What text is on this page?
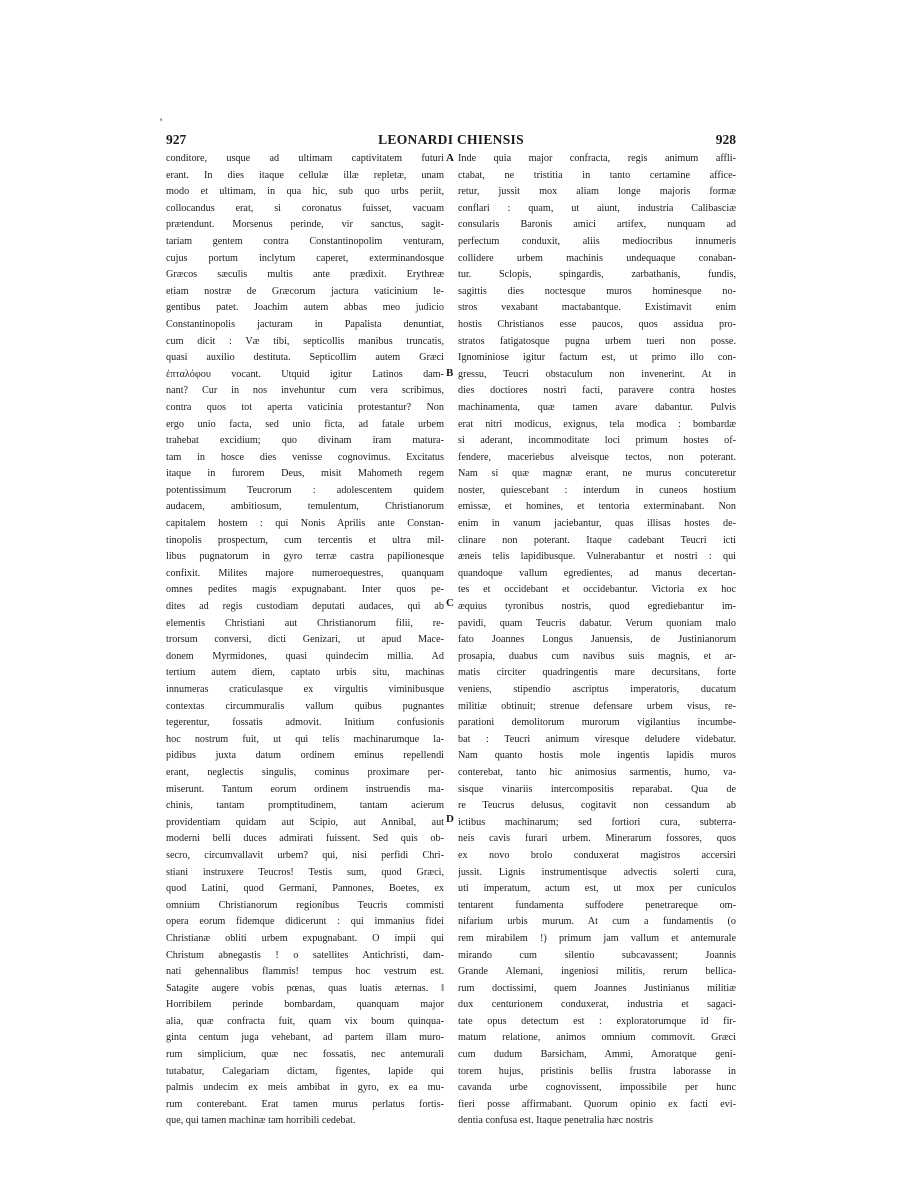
'
927	LEONARDI CHIENSIS	928
conditore, usque ad ultimam captivitatem futuri
erant. In dies itaque cellulæ illæ repletæ, unam
modo et ultimam, in qua hic, sub quo urbs periit,
collocandus erat, si coronatus fuisset, vacuam
prætendunt. Morsenus perinde, vir sanctus, sagit-
tariam gentem contra Constantinopolim venturam,
cujus portum inclytum caperet, exterminandosque
Græcos sæculis multis ante prædixit. Erythreæ
etiam nostræ de Græcorum jactura vaticinium le-
gentibus patet. Joachim autem abbas meo judicio
Constantinopolis jacturam in Papalista denuntiat,
cum dicit : Væ tibi, septicollis manibus truncatis,
quasi auxilio destituta. Septicollim autem Græci
ἑπταλόφου vocant. Utquid igitur Latinos dam-
nant? Cur in nos invehuntur cum vera scribimus,
contra quos tot aperta vaticinia protestantur? Non
ergo unio facta, sed unio ficta, ad fatale urbem
trahebat excidium; quo divinam iram matura-
tam in hosce dies venisse cognovimus. Excitatus
itaque in furorem Deus, misit Mahometh regem
potentissimum Teucrorum : adolescentem quidem
audacem, ambitiosum, temulentum, Christianorum
capitalem hostem : qui Nonis Aprilis ante Constan-
tinopolis prospectum, cum tercentis et ultra mil-
libus pugnatorum in gyro terræ castra papilionesque
confixit. Milites majore numeroequestres, quanquam
omnes pedites magis expugnabant. Inter quos pe-
dites ad regis custodiam deputati audaces, qui ab
elementis Christiani aut Christianorum filii, re-
trorsum conversi, dicti Genizari, ut apud Mace-
donem Myrmidones, quasi quindecim millia. Ad
tertium autem diem, captato urbis situ, machinas
innumeras craticulasque ex virgultis viminibusque
contextas circummuralis vallum quibus pugnantes
tegerentur, fossatis admovit. Initium confusionis
hoc nostrum fuit, ut qui telis machinarumque la-
pidibus juxta datum ordinem eminus repellendi
erant, neglectis singulis, cominus proximare per-
miserunt. Tantum eorum ordinem instruendis ma-
chinis, tantam promptitudinem, tantam acierum
providentiam quidam aut Scipio, aut Annibal, aut
moderni belli duces admirati fuissent. Sed quis ob-
secro, circumvallavit urbem? qui, nisi perfidi Chri-
stiani instruxere Teucros! Testis sum, quod Græci,
quod Latini, quod Germani, Pannones, Boetes, ex
omnium Christianorum regionibus Teucris commisti
opera eorum fidemque didicerunt : qui immanius fidei
Christianæ obliti urbem expugnabant. O impii qui
Christum abnegastis ! o satellites Antichristi, dam-
nati gehennalibus flammis! tempus hoc vestrum est.
Satagite augere vobis pœnas, quas luatis æternas. ‖
Horribilem perinde bombardam, quanquam major
alia, quæ confracta fuit, quam vix boum quinqua-
ginta centum juga vehebant, ad partem illam muro-
rum simplicium, quæ nec fossatis, nec antemurali
tutabatur, Calegariam dictam, figentes, lapide qui
palmis undecim ex meis ambibat in gyro, ex ea mu-
rum conterebant. Erat tamen murus perlatus fortis-
que, qui tamen machinæ tam horribili cedebat.
Inde quia major confracta, regis animum affli-
ctabat, ne tristitia in tanto certamine affice-
retur, jussit mox aliam longe majoris formæ
conflari : quam, ut aiunt, industria Calibasciæ
consularis Baronis amici artifex, nunquam ad
perfectum conduxit, aliis mediocribus innumeris
collidere urbem machinis undequaque conaban-
tur. Sclopis, spingardis, zarbathanis, fundis,
sagittis dies noctesque muros hominesque no-
stros vexabant mactabantque. Existimavit enim
hostis Christianos esse paucos, quos assidua pro-
stratos fatigatosque pugna urbem tueri non posse.
Ignominiose igitur factum est, ut primo illo con-
gressu, Teucri obstaculum non invenerint. At in
dies doctiores nostri facti, paravere contra hostes
machinamenta, quæ tamen avare dabantur. Pulvis
erat nitri modicus, exignus, tela modica : bombardæ
si aderant, incommoditate loci primum hostes of-
fendere, maceriebus alveisque tectos, non poterant.
Nam si quæ magnæ erant, ne murus concuteretur
noster, quiescebant : interdum in cuneos hostium
emissæ, et homines, et tentoria exterminabant. Non
enim in vanum jaciebantur, quas illisas hostes de-
clinare non poterant. Itaque cadebant Teucri icti
æneis telis lapidibusque. Vulnerabantur et nostri : qui
quandoque vallum egredientes, ad manus decertan-
tes et occidebant et occidebantur. Victoria ex hoc
æquius tyronibus nostris, quod egrediebantur im-
pavidi, quam Teucris dabatur. Verum quoniam malo
fato Joannes Longus Januensis, de Justinianorum
prosapia, duabus cum navibus suis magnis, et ar-
matis circiter quadringentis mare decursitans, forte
veniens, stipendio ascriptus imperatoris, ducatum
militiæ obtinuit; strenue defensare urbem visus, re-
parationi demolitorum murorum vigilantius incumbe-
bat : Teucri animum viresque deludere videbatur.
Nam quanto hostis mole ingentis lapidis muros
conterebat, tanto hic animosius sarmentis, humo, va-
sisque vinariis intercompositis reparabat. Qua de
re Teucrus delusus, cogitavit non cessandum ab
ictibus machinarum; sed fortiori cura, subterra-
neis cavis furari urbem. Minerarum fossores, quos
ex novo brolo conduxerat magistros accersiri
jussit. Lignis instrumentisque advectis solerti cura,
uti imperatum, actum est, ut mox per cuniculos
tentarent fundamenta suffodere penetrareque om-
nifarium urbis murum. At cum a fundamentis (o
rem mirabilem !) primum jam vallum et antemurale
mirando cum silentio subcavassent; Joannis
Grande Alemani, ingeniosi militis, rerum bellica-
rum doctissimi, quem Joannes Justinianus militiæ
dux centurionem conduxerat, industria et sagaci-
tate opus detectum est : exploratorumque id fir-
matum relatione, animos omnium commovit. Græci
cum dudum Barsicham, Ammi, Amoratque geni-
torem hujus, pristinis bellis frustra laborasse in
cavanda urbe cognovissent, impossibile per hunc
fieri posse affirmabant. Quorum opinio ex facti evi-
dentia confusa est. Itaque penetralia hæc nostris
A
B
C
D
